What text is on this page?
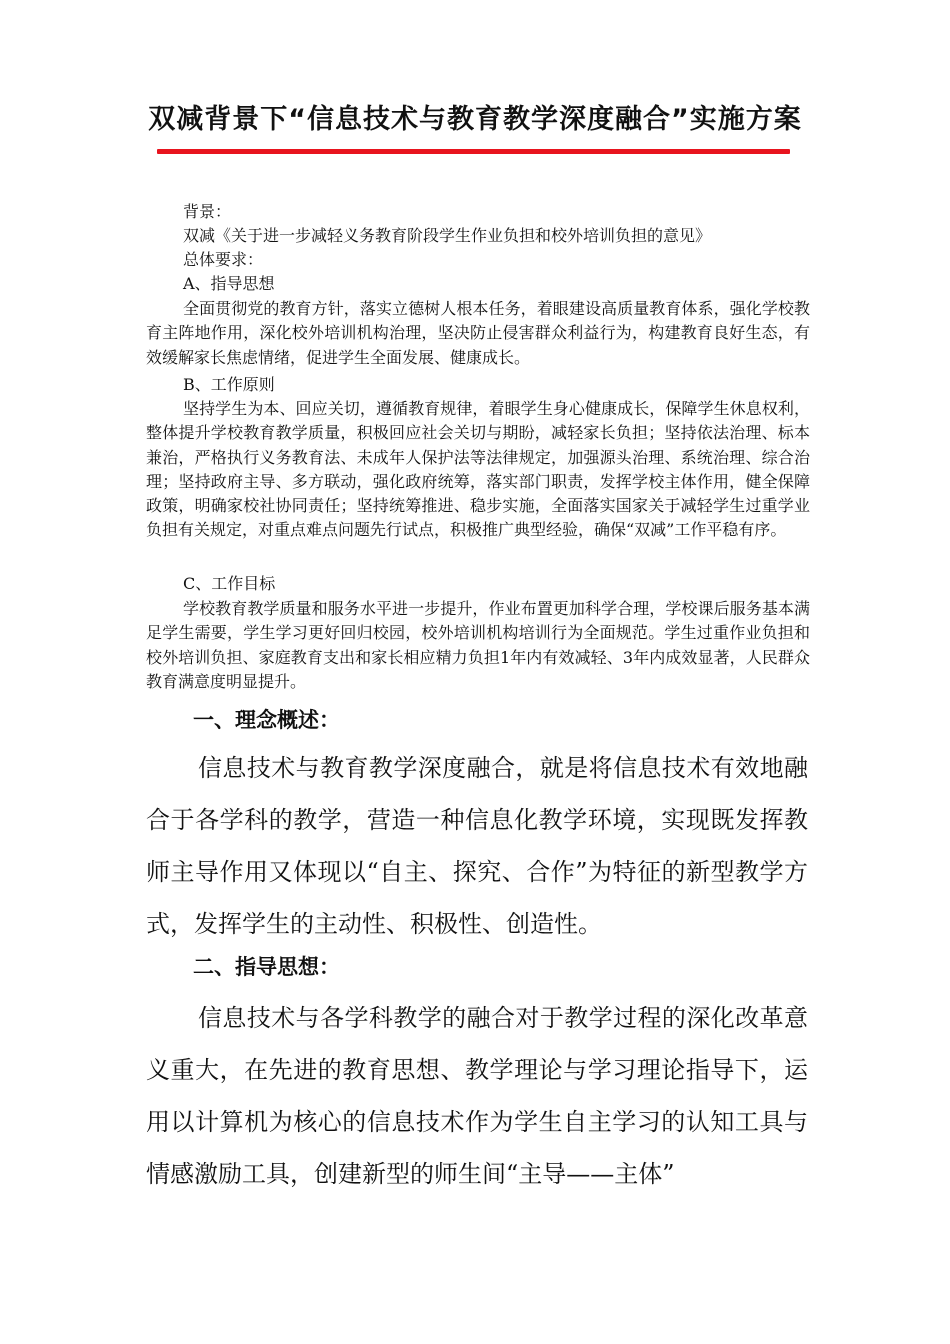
双减背景下“信息技术与教育教学深度融合”实施方案

背景：

双减《关于进一步减轻义务教育阶段学生作业负担和校外培训负担的意见》

总体要求：

A、指导思想

全面贯彻党的教育方针，落实立德树人根本任务，着眼建设高质量教育体系，强化学校教育主阵地作用，深化校外培训机构治理，坚决防止侵害群众利益行为，构建教育良好生态，有效缓解家长焦虑情绪，促进学生全面发展、健康成长。

B、工作原则

坚持学生为本、回应关切，遵循教育规律，着眼学生身心健康成长，保障学生休息权利，整体提升学校教育教学质量，积极回应社会关切与期盼，减轻家长负担；坚持依法治理、标本兼治，严格执行义务教育法、未成年人保护法等法律规定，加强源头治理、系统治理、综合治理；坚持政府主导、多方联动，强化政府统筹，落实部门职责，发挥学校主体作用，健全保障政策，明确家校社协同责任；坚持统筹推进、稳步实施，全面落实国家关于减轻学生过重学业负担有关规定，对重点难点问题先行试点，积极推广典型经验，确保“双减”工作平稳有序。

C、工作目标

学校教育教学质量和服务水平进一步提升，作业布置更加科学合理，学校课后服务基本满足学生需要，学生学习更好回归校园，校外培训机构培训行为全面规范。学生过重作业负担和校外培训负担、家庭教育支出和家长相应精力负担1年内有效减轻、3年内成效显著，人民群众教育满意度明显提升。

一、理念概述：

信息技术与教育教学深度融合，就是将信息技术有效地融合于各学科的教学，营造一种信息化教学环境，实现既发挥教师主导作用又体现以“自主、探究、合作”为特征的新型教学方式，发挥学生的主动性、积极性、创造性。

二、指导思想：

信息技术与各学科教学的融合对于教学过程的深化改革意义重大，在先进的教育思想、教学理论与学习理论指导下，运用以计算机为核心的信息技术作为学生自主学习的认知工具与情感激励工具，创建新型的师生间“主导——主体”
